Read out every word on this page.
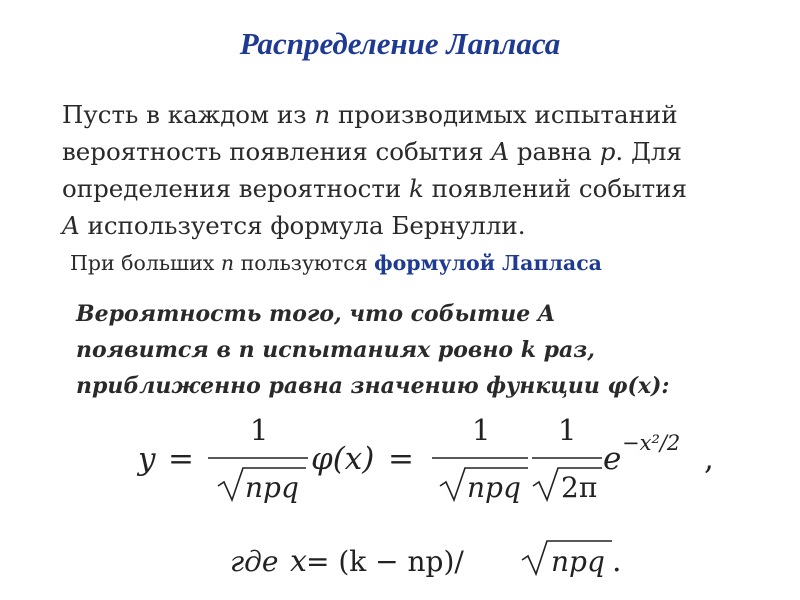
Распределение Лапласа
Пусть в каждом из n производимых испытаний
вероятность появления события A равна p. Для
определения вероятности k появлений события
A используется формула Бернулли.
При больших n пользуются формулой Лапласа
Вероятность того, что событие A
появится в n испытаниях ровно k раз,
приближенно равна значению функции φ(x):
y =
1
npq
φ(x) =
1
npq
1
2π
e −x²/2 ,
где x = (k − np)/	npq .
